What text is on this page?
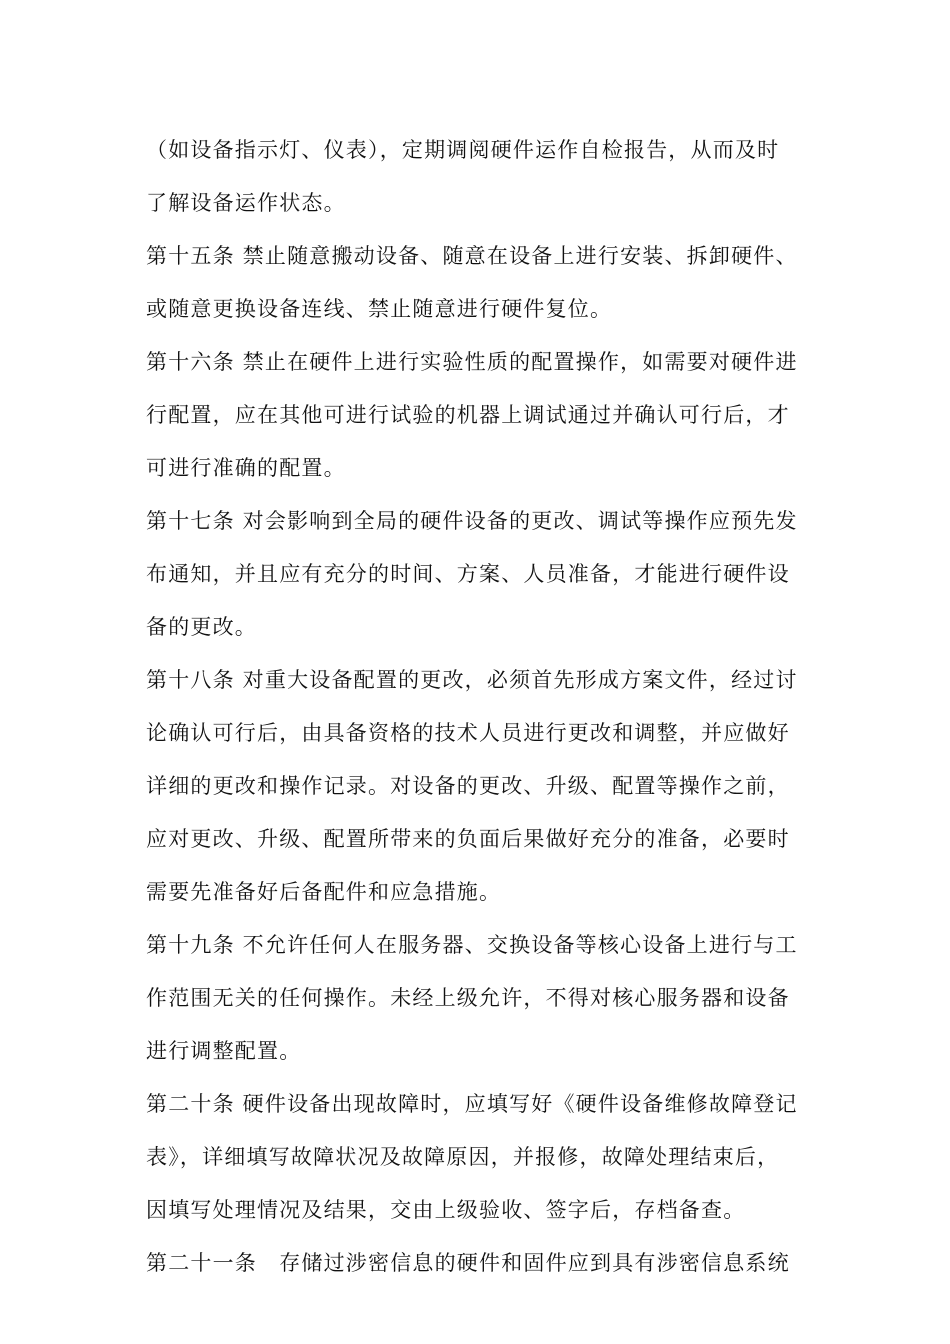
（如设备指示灯、仪表），定期调阅硬件运作自检报告，从而及时
了解设备运作状态。
第十五条 禁止随意搬动设备、随意在设备上进行安装、拆卸硬件、
或随意更换设备连线、禁止随意进行硬件复位。
第十六条 禁止在硬件上进行实验性质的配置操作，如需要对硬件进
行配置，应在其他可进行试验的机器上调试通过并确认可行后，才
可进行准确的配置。
第十七条 对会影响到全局的硬件设备的更改、调试等操作应预先发
布通知，并且应有充分的时间、方案、人员准备，才能进行硬件设
备的更改。
第十八条 对重大设备配置的更改，必须首先形成方案文件，经过讨
论确认可行后，由具备资格的技术人员进行更改和调整，并应做好
详细的更改和操作记录。对设备的更改、升级、配置等操作之前，
应对更改、升级、配置所带来的负面后果做好充分的准备，必要时
需要先准备好后备配件和应急措施。
第十九条 不允许任何人在服务器、交换设备等核心设备上进行与工
作范围无关的任何操作。未经上级允许，不得对核心服务器和设备
进行调整配置。
第二十条 硬件设备出现故障时，应填写好《硬件设备维修故障登记
表》，详细填写故障状况及故障原因，并报修，故障处理结束后，
因填写处理情况及结果，交由上级验收、签字后，存档备查。
第二十一条　存储过涉密信息的硬件和固件应到具有涉密信息系统
